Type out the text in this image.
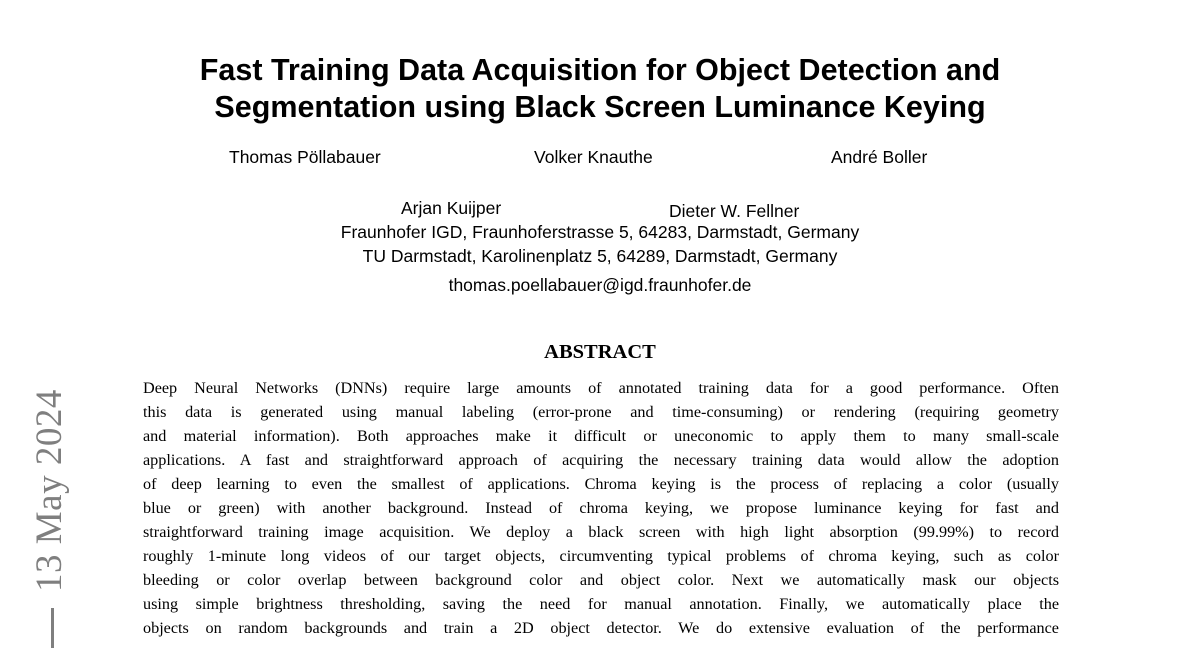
Fast Training Data Acquisition for Object Detection and
Segmentation using Black Screen Luminance Keying
Thomas Pöllabauer	Volker Knauthe	André Boller
Arjan Kuijper	Dieter W. Fellner
Fraunhofer IGD, Fraunhoferstrasse 5, 64283, Darmstadt, Germany
TU Darmstadt, Karolinenplatz 5, 64289, Darmstadt, Germany
thomas.poellabauer@igd.fraunhofer.de
ABSTRACT
Deep Neural Networks (DNNs) require large amounts of annotated training data for a good performance. Often
this data is generated using manual labeling (error-prone and time-consuming) or rendering (requiring geometry
and material information). Both approaches make it difficult or uneconomic to apply them to many small-scale
applications. A fast and straightforward approach of acquiring the necessary training data would allow the adoption
of deep learning to even the smallest of applications. Chroma keying is the process of replacing a color (usually
blue or green) with another background. Instead of chroma keying, we propose luminance keying for fast and
straightforward training image acquisition. We deploy a black screen with high light absorption (99.99%) to record
roughly 1-minute long videos of our target objects, circumventing typical problems of chroma keying, such as color
bleeding or color overlap between background color and object color. Next we automatically mask our objects
using simple brightness thresholding, saving the need for manual annotation. Finally, we automatically place the
objects on random backgrounds and train a 2D object detector. We do extensive evaluation of the performance
13 May 2024
